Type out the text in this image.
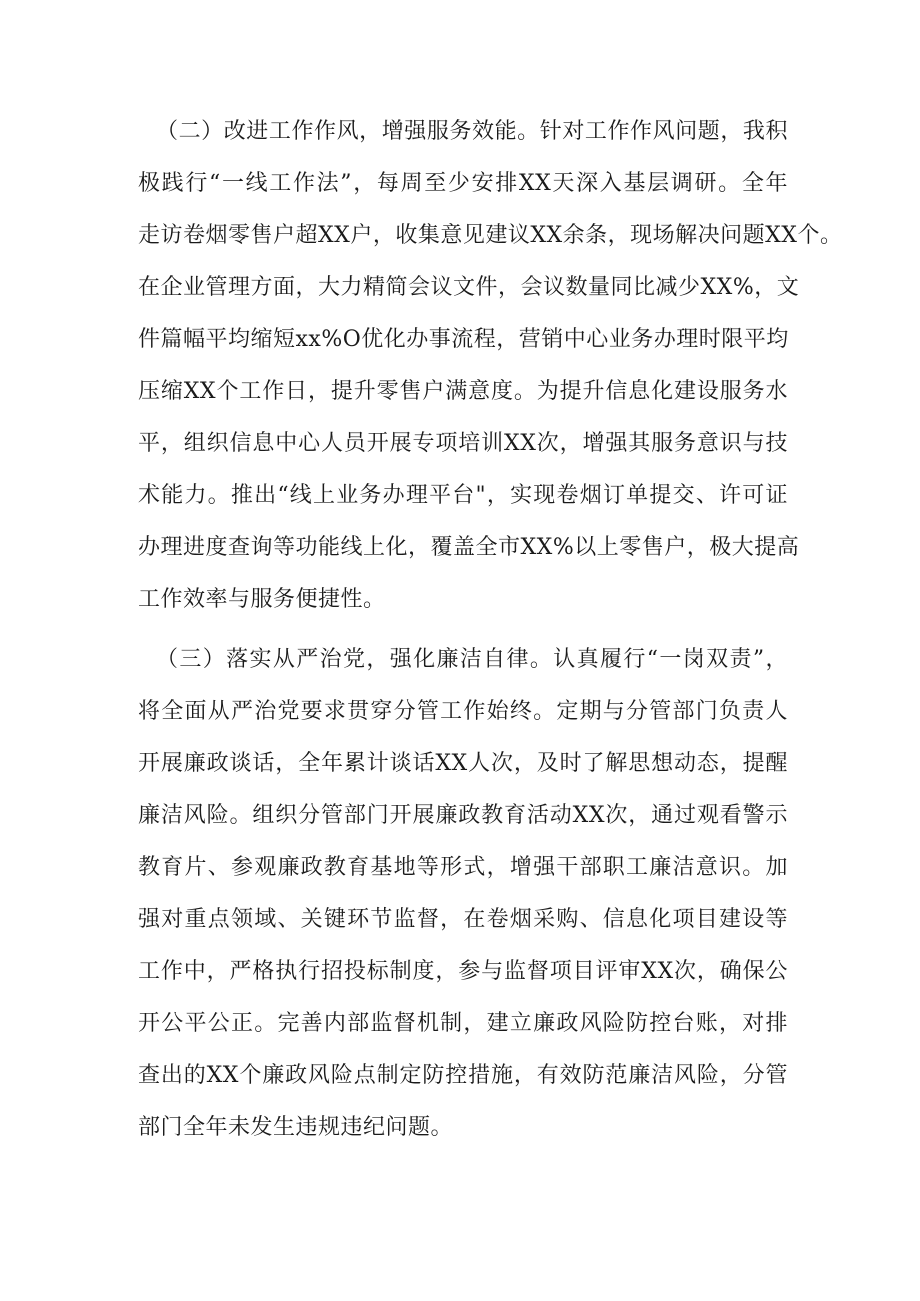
（二）改进工作作风，增强服务效能。针对工作作风问题，我积
极践行“一线工作法”，每周至少安排XX天深入基层调研。全年
走访卷烟零售户超XX户，收集意见建议XX余条，现场解决问题XX个。
在企业管理方面，大力精简会议文件，会议数量同比减少XX%，文
件篇幅平均缩短xx%O优化办事流程，营销中心业务办理时限平均
压缩XX个工作日，提升零售户满意度。为提升信息化建设服务水
平，组织信息中心人员开展专项培训XX次，增强其服务意识与技
术能力。推出“线上业务办理平台"，实现卷烟订单提交、许可证
办理进度查询等功能线上化，覆盖全市XX%以上零售户，极大提高
工作效率与服务便捷性。
（三）落实从严治党，强化廉洁自律。认真履行“一岗双责”，
将全面从严治党要求贯穿分管工作始终。定期与分管部门负责人
开展廉政谈话，全年累计谈话XX人次，及时了解思想动态，提醒
廉洁风险。组织分管部门开展廉政教育活动XX次，通过观看警示
教育片、参观廉政教育基地等形式，增强干部职工廉洁意识。加
强对重点领域、关键环节监督，在卷烟采购、信息化项目建设等
工作中，严格执行招投标制度，参与监督项目评审XX次，确保公
开公平公正。完善内部监督机制，建立廉政风险防控台账，对排
查出的XX个廉政风险点制定防控措施，有效防范廉洁风险，分管
部门全年未发生违规违纪问题。
